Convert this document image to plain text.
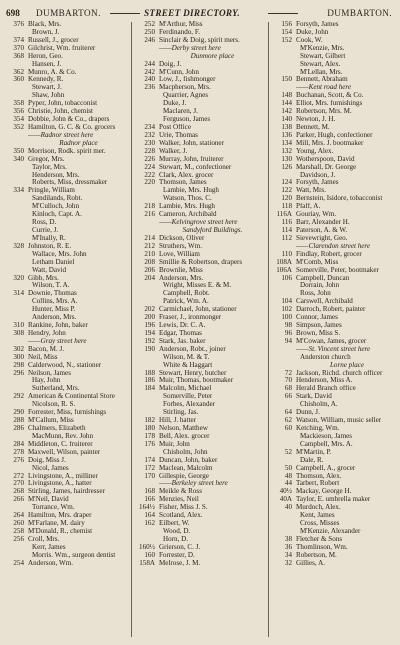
698 DUMBARTON.	STREET DIRECTORY.	DUMBARTON.
376 Black, Mrs.
Brown, J.
374 Russell, J., grocer
370 Gilchrist, Wm. fruiterer
368 Heron, Geo.
Hansen, J.
362 Munro, A. & Co.
360 Kennedy, R.
Stewart, J.
Shaw, John
358 Pyper, John, tobacconist
356 Christie, John, chemist
354 Dobbie, John & Co., drapers
352 Hamilton, G. C. & Co. grocers
——Radnor street here
Radnor place
350 Morrison, Rodk. spirit mer.
340 Gregor, Mrs.
Taylor, Mrs.
Henderson, Mrs.
Roberts, Miss, dressmaker
334 Pringle, William
Sandilands, Robt.
M'Culloch, John
Kinloch, Capt. A.
Ross, D.
Currie, J.
M'Inally, R.
328 Johnston, R. E.
Wallace, Mrs. John
Letham Daniel
Watt, David
320 Gibb, Mrs.
Wilson, T. A.
314 Downie, Thomas
Collins, Mrs. A.
Hunter, Miss P.
Anderson, Mrs.
310 Rankine, John, baker
308 Hendry, John
——Gray street here
302 Bacon, M. J.
300 Neil, Miss
298 Calderwood, N., stationer
296 Neilson, James
Hay, John
Sutherland, Mrs.
292 American & Continental Store
Nicolson, R. S.
290 Forrester, Miss, furnishings
288 M'Callum, Miss
286 Chalmers, Elizabeth
MacMunn, Rev. John
284 Middleton, C. fruiterer
278 Maxwell, Wilson, painter
276 Doig, Miss J.
Nicol, James
272 Livingstone, A., milliner
270 Livingstone, A., hatter
268 Stirling, James, hairdresser
266 M'Neil, David
Torrance, Wm.
264 Hamilton, Mrs. draper
260 M'Farlane, M. dairy
258 M'Donald, R., chemist
256 Croll, Mrs.
Kerr, James
Morris. Wm., surgeon dentist
254 Anderson, Wm.
252 M'Arthur, Miss
250 Ferdinando, F.
246 Sinclair & Doig, spirit mers.
——Derby street here
Dunmore place
244 Doig, J.
242 M'Cunn, John
240 Low, J., fishmonger
236 Macpherson, Mrs.
Quarrier, Agnes
Duke, J.
Maclaren, J.
Ferguson, James
234 Post Office
232 Urie, Thomas
230 Walker, John, stationer
228 Walker, J.
226 Murray, John, fruiterer
224 Stewart, M., confectioner
222 Clark, Alex. grocer
220 Thomson, James
Lambie, Mrs. Hugh
Watson, Thos. C.
218 Lambie, Mrs. Hugh
216 Cameron, Archibald
——Kelvingrove street here
Sandyford Buildings.
214 Dickson, Oliver
212 Struthers, Wm.
210 Love, William
208 Smillie & Robertson, drapers
206 Brownlie, Miss
204 Anderson, Mrs.
Wright, Misses E. & M.
Campbell, Robt.
Patrick, Wm. A.
202 Carmichael, John, stationer
200 Fraser, J., ironmonger
196 Lewis, Dr. C. A.
194 Edgar, Thomas
192 Stark, Jas. baker
190 Anderson, Robt., joiner
Wilson, M. & T.
White & Haggart
188 Stewart, Henry, butcher
186 Muir, Thomas, bootmaker
184 Malcolm, Michael
Somerville, Peter
Forbes, Alexander
Stirling, Jas.
182 Hill, J. hatter
180 Nelson, Matthew
178 Bell, Alex. grocer
176 Muir, John
Chisholm, John
174 Duncan, John, baker
172 Maclean, Malcolm
170 Gillespie, George
——Berkeley street here
168 Meikle & Ross
166 Menzies, Neil
164½ Fisher, Miss J. S.
164 Scotland, Alex.
162 Eilbert, W.
Wood, D.
Horn, D.
160½ Grierson, C. J.
160 Forrester, D.
158A Melrose, J. M.
156 Forsyth, James
154 Duke, John
152 Cook, W.
M'Kenzie, Mrs.
Stewart, Gilbert
Stewart, Alex.
M'Lellan, Mrs.
150 Bennett, Abraham
——Kent road here
148 Buchanan, Scott, & Co.
144 Elliot, Mrs. furnishings
142 Robertson, Mrs. M.
140 Newton, J. H.
138 Bennett, M.
136 Parker, Hugh, confectioner
134 Mill, Mrs. J. bootmaker
132 Young, Alex.
130 Wotherspoon, David
126 Marshall, Dr. George
Davidson, J.
124 Forsyth, James
122 Watt, Mrs.
120 Bernstein, Isidore, tobacconist
118 Pfaff, A.
116A Gouriay, Wm.
116 Barr, Alexander H.
114 Paterson, A. & W.
112 Sievewright, Geo.
——Clarendon street here
110 Findlay, Robert, grocer
108A M'Comb, Miss
106A Somerville, Peter, bootmaker
106 Campbell, Duncan
Dorrain, John
Ross, John
104 Carswell, Archibald
102 Darroch, Robert, painter
100 Connor, James
98 Simpson, James
96 Brown, Miss S.
94 M'Cowan, James, grocer
——St. Vincent street here
Anderston church
Lorne place
72 Jackson, Richd. church officer
70 Henderson, Miss A.
68 Herald Branch office
66 Stark, David
Chisholm, A.
64 Dunn, J.
62 Watson, William, music seller
60 Ketching, Wm.
Mackieson, James
Campbell, Mrs. A.
52 M'Martin, P.
Dale, R.
50 Campbell, A., grocer
48 Thomson, Alex.
44 Tarbert, Robert
40½ Mackay, George H.
40A Taylor, E. umbrella maker
40 Murdoch, Alex.
Kent, James
Cross, Misses
M'Kenzie, Alexander
38 Fletcher & Sons
36 Thomlinson, Wm.
34 Robertson, M.
32 Gillies, A.
